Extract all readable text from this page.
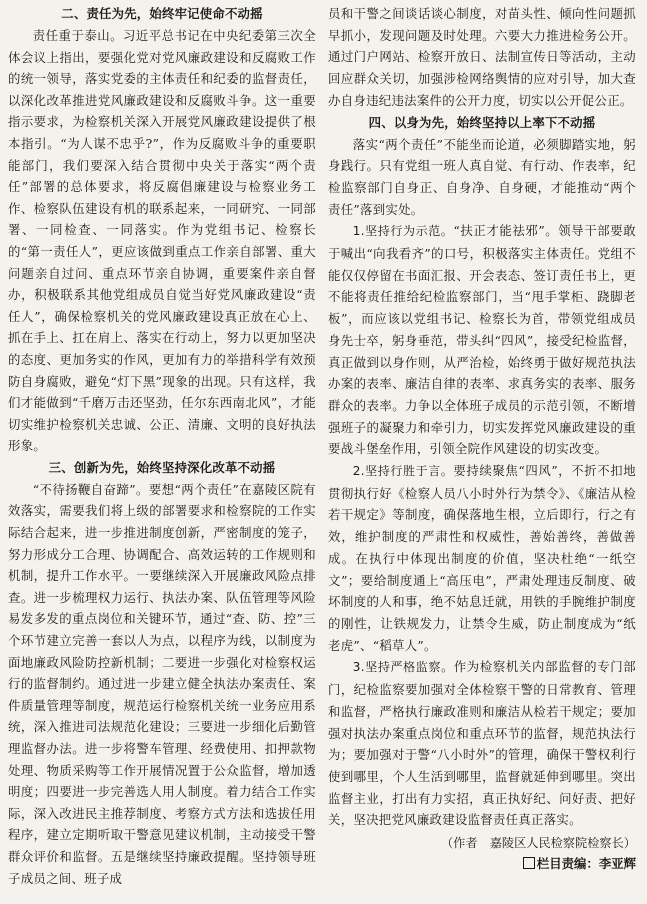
二、责任为先，始终牢记使命不动摇

责任重于泰山。习近平总书记在中央纪委第三次全体会议上指出，要强化党对党风廉政建设和反腐败工作的统一领导，落实党委的主体责任和纪委的监督责任，以深化改革推进党风廉政建设和反腐败斗争。这一重要指示要求，为检察机关深入开展党风廉政建设提供了根本指引。“为人谋不忠乎?”，作为反腐败斗争的重要职能部门，我们要深入结合贯彻中央关于落实“两个责任”部署的总体要求，将反腐倡廉建设与检察业务工作、检察队伍建设有机的联系起来，一同研究、一同部署、一同检查、一同落实。作为党组书记、检察长的“第一责任人”，更应该做到重点工作亲自部署、重大问题亲自过问、重点环节亲自协调，重要案件亲自督办，积极联系其他党组成员自觉当好党风廉政建设“责任人”，确保检察机关的党风廉政建设真正放在心上、抓在手上、扛在肩上、落实在行动上，努力以更加坚决的态度、更加务实的作风，更加有力的举措科学有效预防自身腐败，避免“灯下黑”现象的出现。只有这样，我们才能做到“千磨万击还坚劲，任尔东西南北风”，才能切实维护检察机关忠诚、公正、清廉、文明的良好执法形象。

三、创新为先，始终坚持深化改革不动摇

“不待扬鞭自奋蹄”。要想“两个责任”在嘉陵区院有效落实，需要我们将上级的部署要求和检察院的工作实际结合起来，进一步推进制度创新，严密制度的笼子，努力形成分工合理、协调配合、高效运转的工作规则和机制，提升工作水平。一要继续深入开展廉政风险点排查。进一步梳理权力运行、执法办案、队伍管理等风险易发多发的重点岗位和关键环节，通过“查、防、控”三个环节建立完善一套以人为点，以程序为线，以制度为面地廉政风险防控新机制；二要进一步强化对检察权运行的监督制约。通过进一步建立健全执法办案责任、案件质量管理等制度，规范运行检察机关统一业务应用系统，深入推进司法规范化建设；三要进一步细化后勤管理监督办法。进一步将警车管理、经费使用、扣押款物处理、物质采购等工作开展情况置于公众监督，增加透明度；四要进一步完善选人用人制度。着力结合工作实际，深入改进民主推荐制度、考察方式方法和选拔任用程序，建立定期听取干警意见建议机制，主动接受干警群众评价和监督。五是继续坚持廉政提醒。坚持领导班子成员之间、班子成

员和干警之间谈话谈心制度，对苗头性、倾向性问题抓早抓小，发现问题及时处理。六要大力推进检务公开。通过门户网站、检察开放日、法制宣传日等活动，主动回应群众关切，加强涉检网络舆情的应对引导，加大查办自身违纪违法案件的公开力度，切实以公开促公正。

四、以身为先，始终坚持以上率下不动摇

落实“两个责任”不能坐而论道，必须脚踏实地，躬身践行。只有党组一班人真自觉、有行动、作表率，纪检监察部门自身正、自身净、自身硬，才能推动“两个责任”落到实处。

1.坚持行为示范。“扶正才能祛邪”。领导干部要敢于喊出“向我看齐”的口号，积极落实主体责任。党组不能仅仅停留在书面汇报、开会表态、签订责任书上，更不能将责任推给纪检监察部门，当“甩手掌柜、跷脚老板”，而应该以党组书记、检察长为首，带领党组成员身先士卒，躬身垂范，带头纠“四风”，接受纪检监督，真正做到以身作则，从严治检，始终勇于做好规范执法办案的表率、廉洁自律的表率、求真务实的表率、服务群众的表率。力争以全体班子成员的示范引领，不断增强班子的凝聚力和牵引力，切实发挥党风廉政建设的重要战斗堡垒作用，引领全院作风建设的切实改变。

2.坚持行胜于言。要持续聚焦“四风”，不折不扣地贯彻执行好《检察人员八小时外行为禁令》、《廉洁从检若干规定》等制度，确保落地生根，立后即行，行之有效，维护制度的严肃性和权威性，善始善终，善做善成。在执行中体现出制度的价值，坚决杜绝“一纸空文”；要给制度通上“高压电”，严肃处理违反制度、破坏制度的人和事，绝不姑息迁就，用铁的手腕维护制度的刚性，让铁规发力，让禁令生威，防止制度成为“纸老虎”、“稻草人”。

3.坚持严格监察。作为检察机关内部监督的专门部门，纪检监察要加强对全体检察干警的日常教育、管理和监督，严格执行廉政准则和廉洁从检若干规定；要加强对执法办案重点岗位和重点环节的监督，规范执法行为；要加强对于警“八小时外”的管理，确保干警权利行使到哪里，个人生活到哪里，监督就延伸到哪里。突出监督主业，打出有力实招，真正执好纪、问好责、把好关，坚决把党风廉政建设监督责任真正落实。

（作者　嘉陵区人民检察院检察长）

栏目责编：李亚辉
